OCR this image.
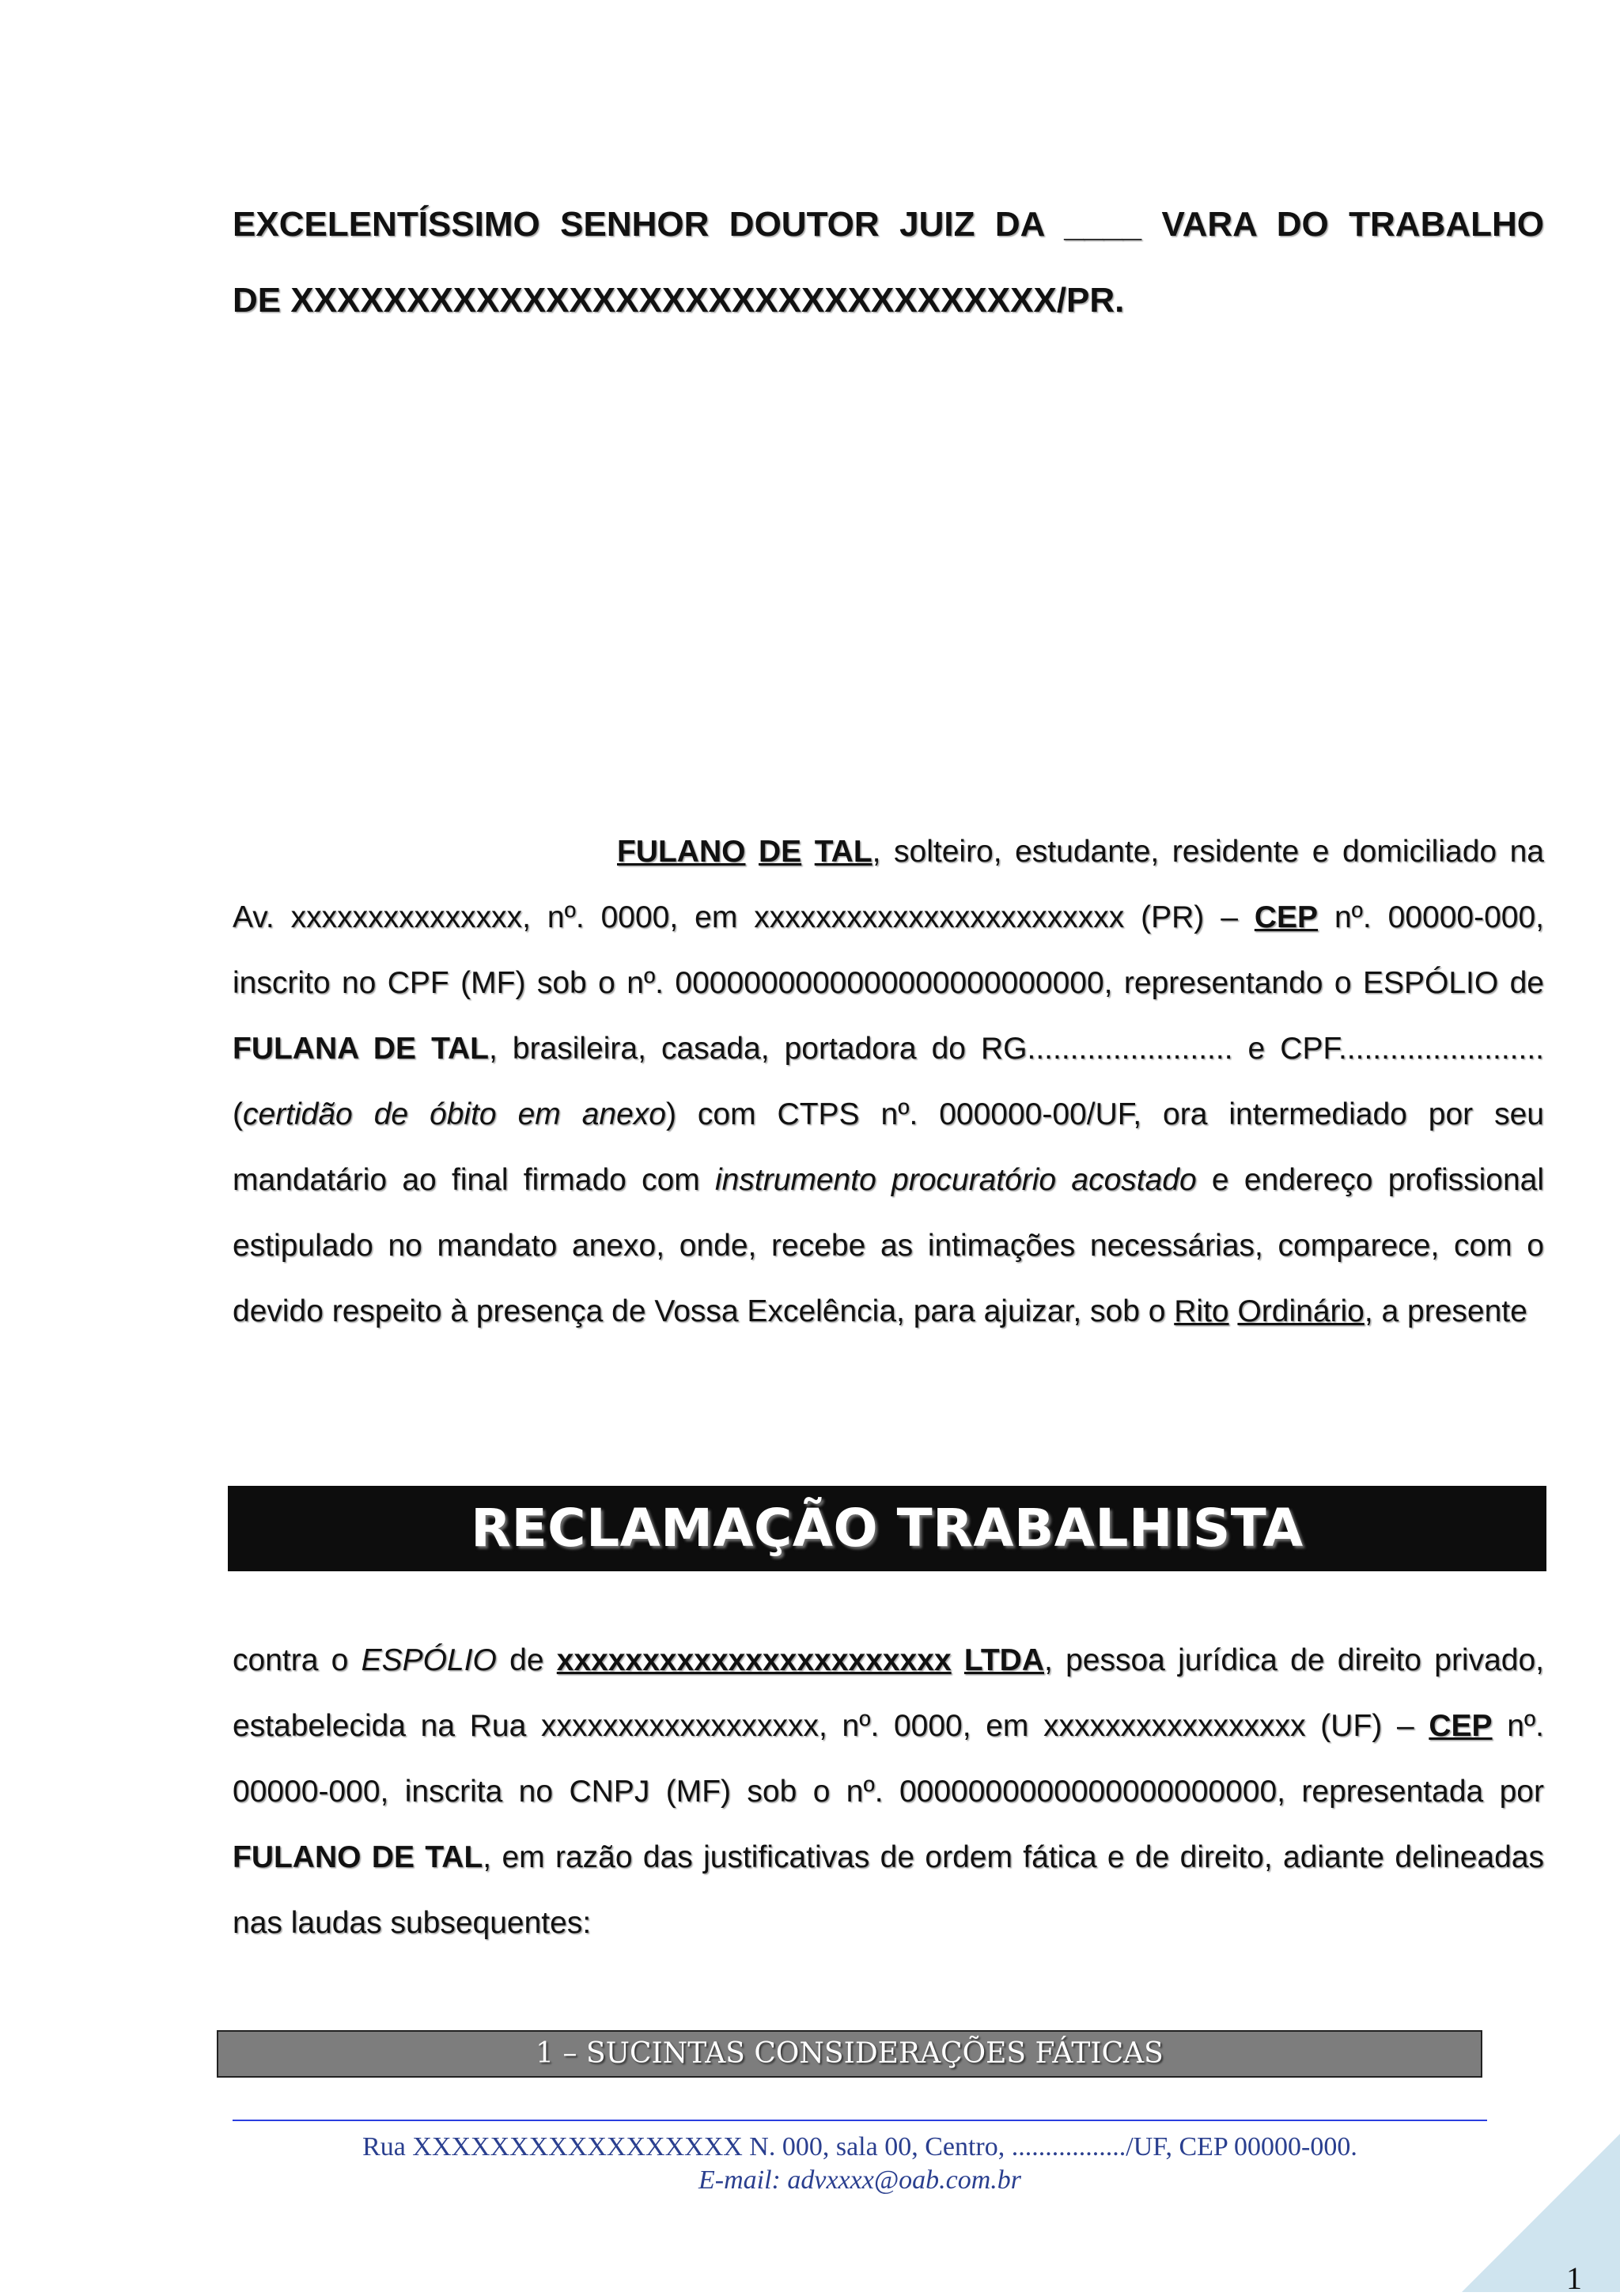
EXCELENTÍSSIMO SENHOR DOUTOR JUIZ DA ____ VARA DO TRABALHO
DE XXXXXXXXXXXXXXXXXXXXXXXXXXXXXXXXX/PR.
FULANO DE TAL, solteiro, estudante, residente e domiciliado na Av. xxxxxxxxxxxxxxx, nº. 0000, em xxxxxxxxxxxxxxxxxxxxxxxx (PR) – CEP nº. 00000-000, inscrito no CPF (MF) sob o nº. 0000000000000000000000000, representando o ESPÓLIO de FULANA DE TAL, brasileira, casada, portadora do RG........................ e CPF........................ (certidão de óbito em anexo) com CTPS nº. 000000-00/UF, ora intermediado por seu mandatário ao final firmado com instrumento procuratório acostado e endereço profissional estipulado no mandato anexo, onde, recebe as intimações necessárias, comparece, com o devido respeito à presença de Vossa Excelência, para ajuizar, sob o Rito Ordinário, a presente
RECLAMAÇÃO TRABALHISTA
contra o ESPÓLIO de xxxxxxxxxxxxxxxxxxxxxxx LTDA, pessoa jurídica de direito privado, estabelecida na Rua xxxxxxxxxxxxxxxxxx, nº. 0000, em xxxxxxxxxxxxxxxxx (UF) – CEP nº. 00000-000, inscrita no CNPJ (MF) sob o nº. 0000000000000000000000, representada por FULANO DE TAL, em razão das justificativas de ordem fática e de direito, adiante delineadas nas laudas subsequentes:
1 – SUCINTAS CONSIDERAÇÕES FÁTICAS
Rua XXXXXXXXXXXXXXXXX N. 000, sala 00, Centro, ................./UF, CEP 00000-000.
E-mail: advxxxx@oab.com.br
1
